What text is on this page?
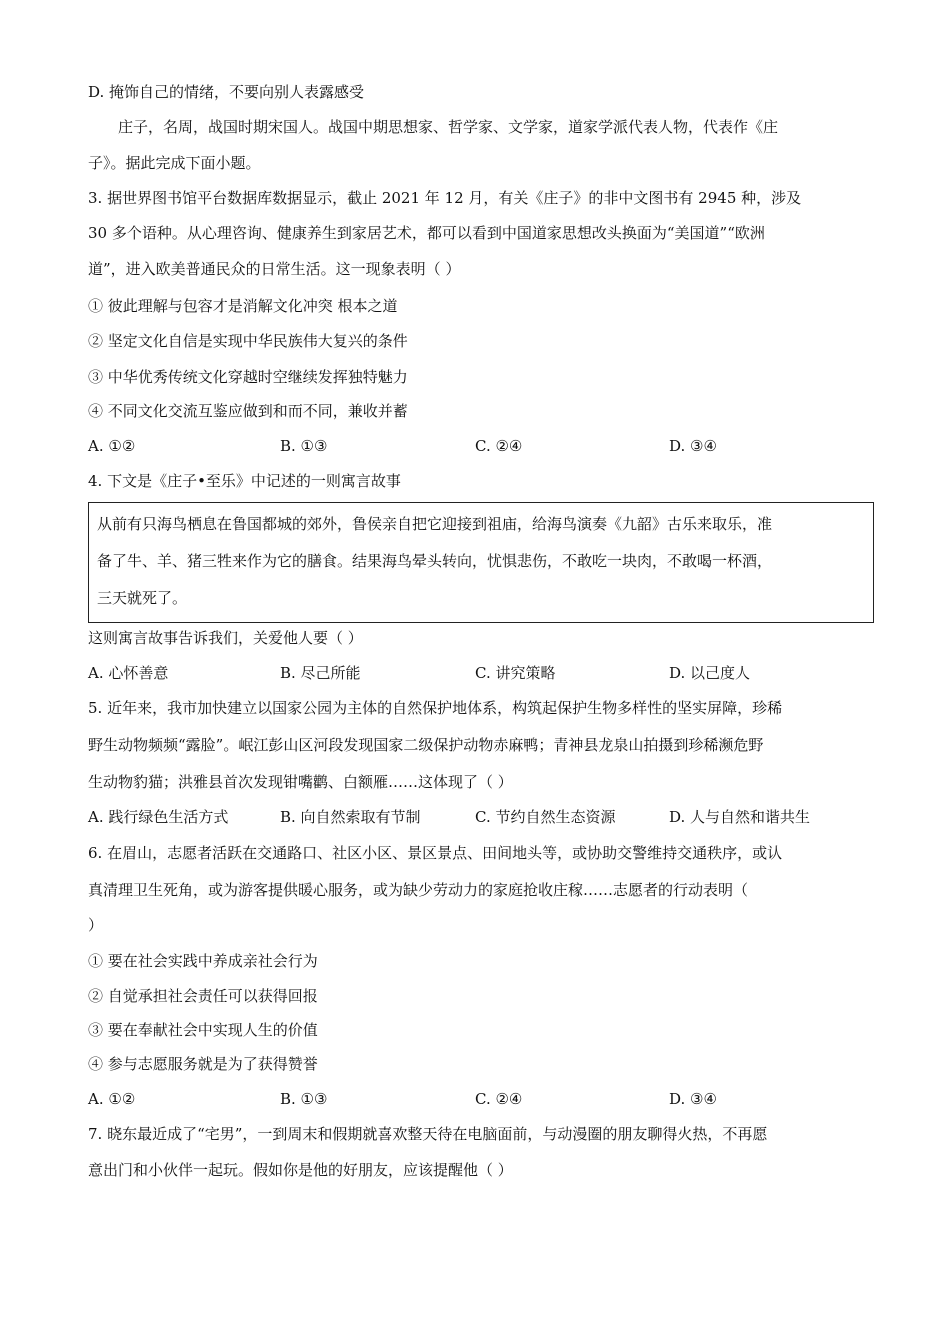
D. 掩饰自己的情绪，不要向别人表露感受
庄子，名周，战国时期宋国人。战国中期思想家、哲学家、文学家，道家学派代表人物，代表作《庄
子》。据此完成下面小题。
3. 据世界图书馆平台数据库数据显示，截止 2021 年 12 月，有关《庄子》的非中文图书有 2945 种，涉及
30 多个语种。从心理咨询、健康养生到家居艺术，都可以看到中国道家思想改头换面为“美国道”“欧洲
道”，进入欧美普通民众的日常生活。这一现象表明（ ）
① 彼此理解与包容才是消解文化冲突 根本之道
② 坚定文化自信是实现中华民族伟大复兴的条件
③ 中华优秀传统文化穿越时空继续发挥独特魅力
④ 不同文化交流互鉴应做到和而不同，兼收并蓄
A. ①②	B. ①③	C. ②④	D. ③④
4. 下文是《庄子•至乐》中记述的一则寓言故事
从前有只海鸟栖息在鲁国都城的郊外，鲁侯亲自把它迎接到祖庙，给海鸟演奏《九韶》古乐来取乐，准
备了牛、羊、猪三牲来作为它的膳食。结果海鸟晕头转向，忧惧悲伤，不敢吃一块肉，不敢喝一杯酒，
三天就死了。
这则寓言故事告诉我们，关爱他人要（ ）
A. 心怀善意	B. 尽己所能	C. 讲究策略	D. 以己度人
5. 近年来，我市加快建立以国家公园为主体的自然保护地体系，构筑起保护生物多样性的坚实屏障，珍稀
野生动物频频“露脸”。岷江彭山区河段发现国家二级保护动物赤麻鸭；青神县龙泉山拍摄到珍稀濒危野
生动物豹猫；洪雅县首次发现钳嘴鹳、白额雁……这体现了（ ）
A. 践行绿色生活方式	B. 向自然索取有节制	C. 节约自然生态资源	D. 人与自然和谐共生
6. 在眉山，志愿者活跃在交通路口、社区小区、景区景点、田间地头等，或协助交警维持交通秩序，或认
真清理卫生死角，或为游客提供暖心服务，或为缺少劳动力的家庭抢收庄稼……志愿者的行动表明（
）
① 要在社会实践中养成亲社会行为
② 自觉承担社会责任可以获得回报
③ 要在奉献社会中实现人生的价值
④ 参与志愿服务就是为了获得赞誉
A. ①②	B. ①③	C. ②④	D. ③④
7. 晓东最近成了“宅男”，一到周末和假期就喜欢整天待在电脑面前，与动漫圈的朋友聊得火热，不再愿
意出门和小伙伴一起玩。假如你是他的好朋友，应该提醒他（ ）
